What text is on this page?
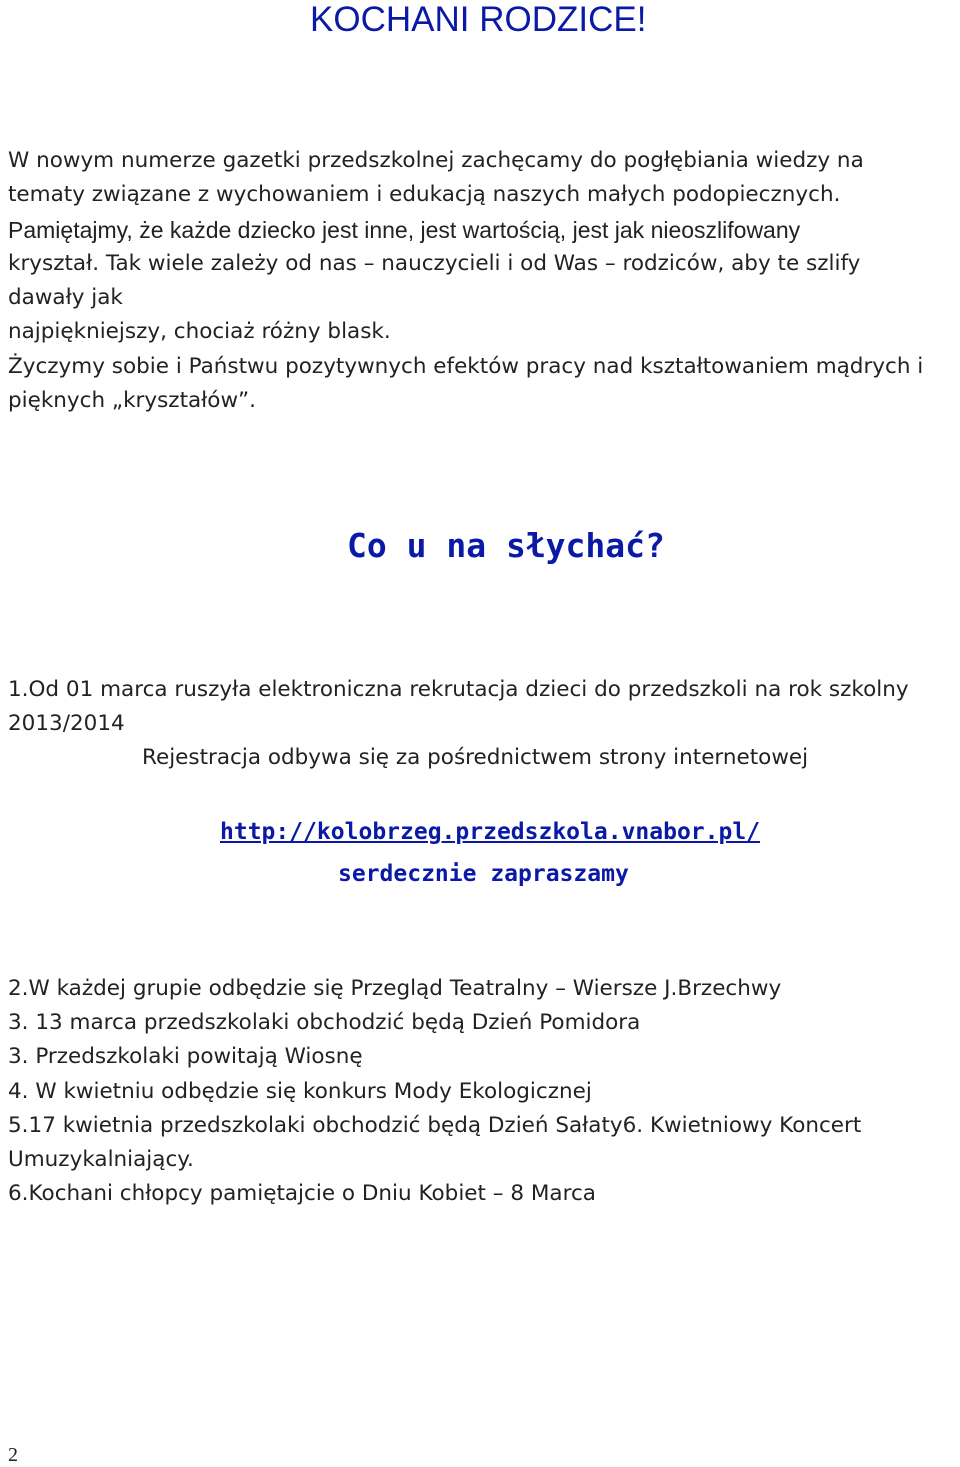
KOCHANI RODZICE!
W nowym numerze gazetki przedszkolnej zachęcamy do pogłębiania wiedzy na
tematy związane z wychowaniem i edukacją naszych małych podopiecznych.
Pamiętajmy, że każde dziecko jest inne, jest wartością, jest jak nieoszlifowany
kryształ. Tak wiele zależy od nas – nauczycieli i od Was – rodziców, aby te szlify
dawały jak
najpiękniejszy, chociaż różny blask.
Życzymy sobie i Państwu pozytywnych efektów pracy nad kształtowaniem mądrych i
pięknych „kryształów”.
Co u na słychać?
1.Od 01 marca ruszyła elektroniczna rekrutacja dzieci do przedszkoli na rok szkolny
2013/2014
Rejestracja odbywa się za pośrednictwem strony internetowej
http://kolobrzeg.przedszkola.vnabor.pl/
serdecznie zapraszamy
2.W każdej grupie odbędzie się Przegląd Teatralny – Wiersze J.Brzechwy
3. 13 marca przedszkolaki obchodzić będą Dzień Pomidora
3. Przedszkolaki powitają Wiosnę
4. W kwietniu odbędzie się konkurs Mody Ekologicznej
5.17 kwietnia przedszkolaki obchodzić będą Dzień Sałaty6. Kwietniowy Koncert
Umuzykalniający.
6.Kochani chłopcy pamiętajcie o Dniu Kobiet – 8 Marca
2
